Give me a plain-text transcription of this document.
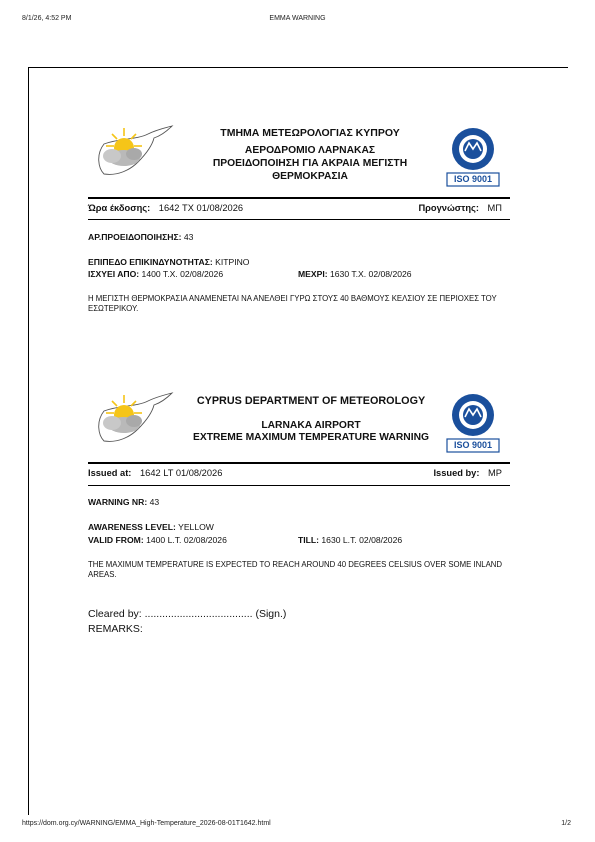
8/1/26, 4:52 PM	EMMA WARNING
ΤΜΗΜΑ ΜΕΤΕΩΡΟΛΟΓΙΑΣ ΚΥΠΡΟΥ
ΑΕΡΟΔΡΟΜΙΟ ΛΑΡΝΑΚΑΣ
ΠΡΟΕΙΔΟΠΟΙΗΣΗ ΓΙΑ ΑΚΡΑΙΑ ΜΕΓΙΣΤΗ
ΘΕΡΜΟΚΡΑΣΙΑ	ISO 9001
Ώρα έκδοσης: 1642 TX 01/08/2026	Προγνώστης: ΜΠ
ΑΡ.ΠΡΟΕΙΔΟΠΟΙΗΣΗΣ: 43
ΕΠΙΠΕΔΟ ΕΠΙΚΙΝΔΥΝΟΤΗΤΑΣ: ΚΙΤΡΙΝΟ
ΙΣΧΥΕΙ ΑΠΟ: 1400 Τ.Χ. 02/08/2026	ΜΕΧΡΙ: 1630 Τ.Χ. 02/08/2026
Η ΜΕΓΙΣΤΗ ΘΕΡΜΟΚΡΑΣΙΑ ΑΝΑΜΕΝΕΤΑΙ ΝΑ ΑΝΕΛΘΕΙ ΓΥΡΩ ΣΤΟΥΣ 40 ΒΑΘΜΟΥΣ ΚΕΛΣΙΟΥ ΣΕ ΠΕΡΙΟΧΕΣ ΤΟΥ ΕΣΩΤΕΡΙΚΟΥ.
CYPRUS DEPARTMENT OF METEOROLOGY
LARNAKA AIRPORT
EXTREME MAXIMUM TEMPERATURE WARNING
ISO 9001
Issued at: 1642 LT 01/08/2026	Issued by: MP
WARNING NR: 43
AWARENESS LEVEL: YELLOW
VALID FROM: 1400 L.T. 02/08/2026	TILL: 1630 L.T. 02/08/2026
THE MAXIMUM TEMPERATURE IS EXPECTED TO REACH AROUND 40 DEGREES CELSIUS OVER SOME INLAND AREAS.
Cleared by: ..................................... (Sign.)
REMARKS:
https://dom.org.cy/WARNING/EMMA_High-Temperature_2026-08-01T1642.html	1/2
